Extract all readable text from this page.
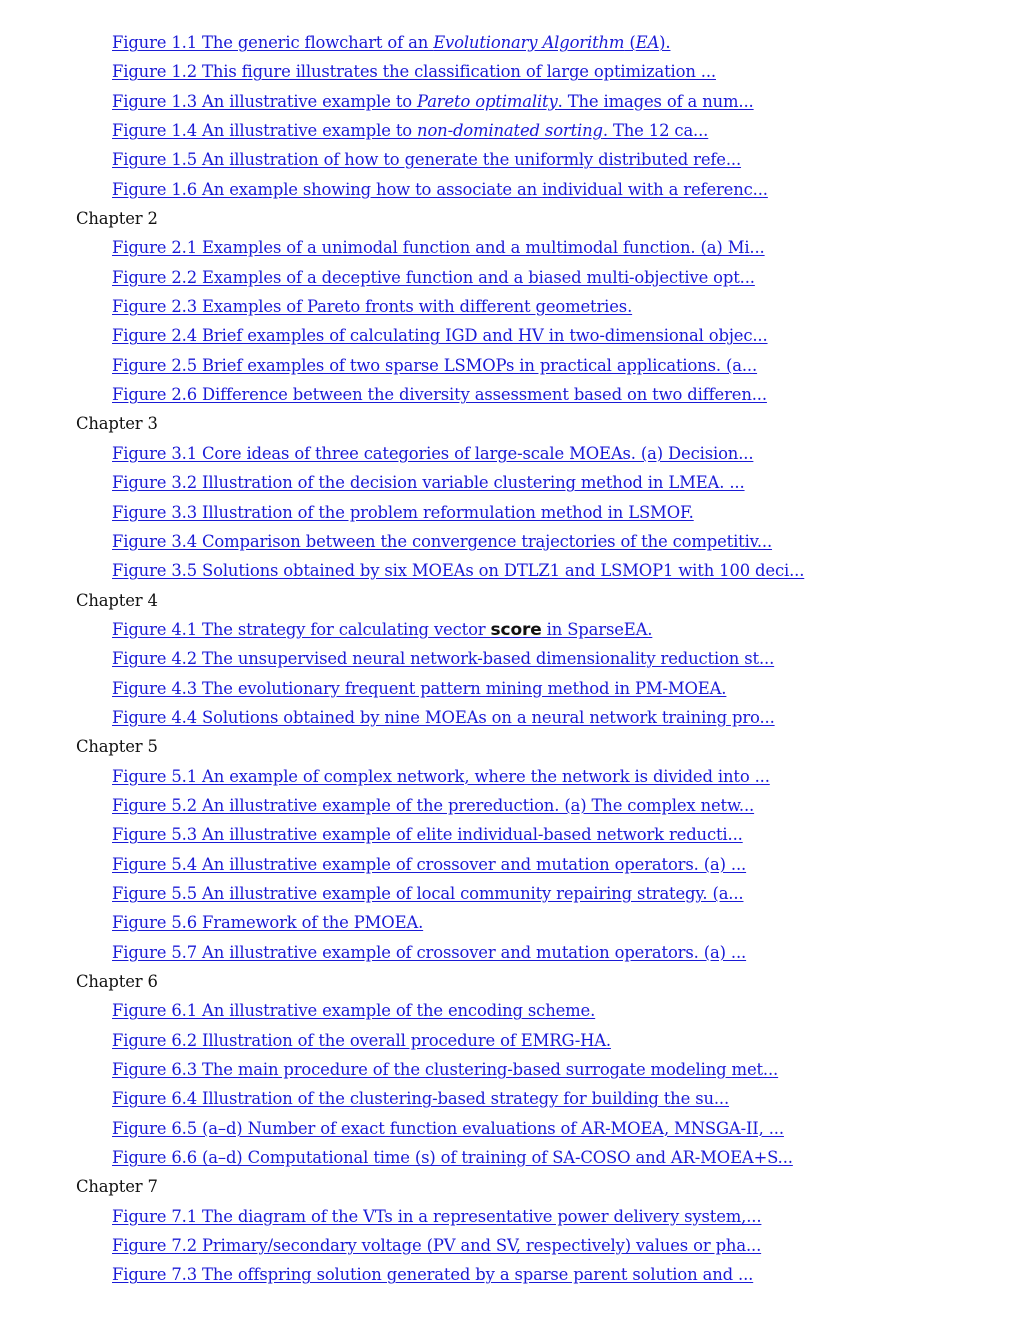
Figure 1.1 The generic flowchart of an Evolutionary Algorithm (EA).
Figure 1.2 This figure illustrates the classification of large optimization ...
Figure 1.3 An illustrative example to Pareto optimality. The images of a num...
Figure 1.4 An illustrative example to non-dominated sorting. The 12 ca...
Figure 1.5 An illustration of how to generate the uniformly distributed refe...
Figure 1.6 An example showing how to associate an individual with a referenc...
Chapter 2
Figure 2.1 Examples of a unimodal function and a multimodal function. (a) Mi...
Figure 2.2 Examples of a deceptive function and a biased multi-objective opt...
Figure 2.3 Examples of Pareto fronts with different geometries.
Figure 2.4 Brief examples of calculating IGD and HV in two-dimensional objec...
Figure 2.5 Brief examples of two sparse LSMOPs in practical applications. (a...
Figure 2.6 Difference between the diversity assessment based on two differen...
Chapter 3
Figure 3.1 Core ideas of three categories of large-scale MOEAs. (a) Decision...
Figure 3.2 Illustration of the decision variable clustering method in LMEA. ...
Figure 3.3 Illustration of the problem reformulation method in LSMOF.
Figure 3.4 Comparison between the convergence trajectories of the competitiv...
Figure 3.5 Solutions obtained by six MOEAs on DTLZ1 and LSMOP1 with 100 deci...
Chapter 4
Figure 4.1 The strategy for calculating vector score in SparseEA.
Figure 4.2 The unsupervised neural network-based dimensionality reduction st...
Figure 4.3 The evolutionary frequent pattern mining method in PM-MOEA.
Figure 4.4 Solutions obtained by nine MOEAs on a neural network training pro...
Chapter 5
Figure 5.1 An example of complex network, where the network is divided into ...
Figure 5.2 An illustrative example of the prereduction. (a) The complex netw...
Figure 5.3 An illustrative example of elite individual-based network reducti...
Figure 5.4 An illustrative example of crossover and mutation operators. (a) ...
Figure 5.5 An illustrative example of local community repairing strategy. (a...
Figure 5.6 Framework of the PMOEA.
Figure 5.7 An illustrative example of crossover and mutation operators. (a) ...
Chapter 6
Figure 6.1 An illustrative example of the encoding scheme.
Figure 6.2 Illustration of the overall procedure of EMRG-HA.
Figure 6.3 The main procedure of the clustering-based surrogate modeling met...
Figure 6.4 Illustration of the clustering-based strategy for building the su...
Figure 6.5 (a–d) Number of exact function evaluations of AR-MOEA, MNSGA-II, ...
Figure 6.6 (a–d) Computational time (s) of training of SA-COSO and AR-MOEA+S...
Chapter 7
Figure 7.1 The diagram of the VTs in a representative power delivery system,...
Figure 7.2 Primary/secondary voltage (PV and SV, respectively) values or pha...
Figure 7.3 The offspring solution generated by a sparse parent solution and ...
